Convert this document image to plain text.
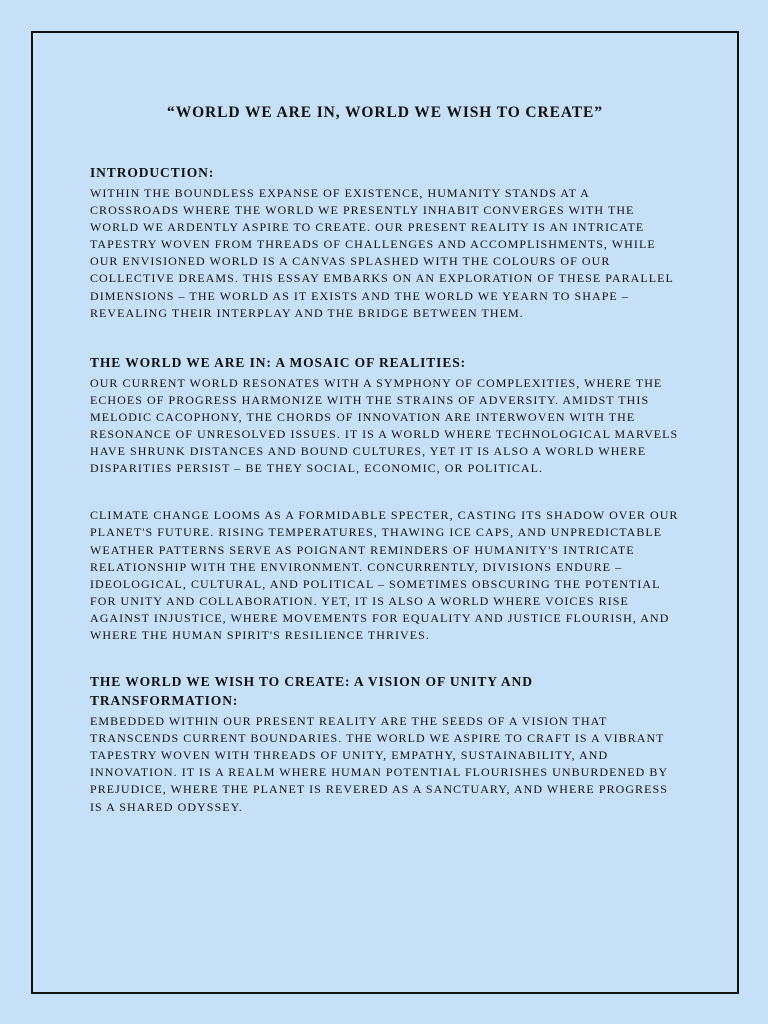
“WORLD WE ARE IN, WORLD WE WISH TO CREATE”
INTRODUCTION:

WITHIN THE BOUNDLESS EXPANSE OF EXISTENCE, HUMANITY STANDS AT A CROSSROADS WHERE THE WORLD WE PRESENTLY INHABIT CONVERGES WITH THE WORLD WE ARDENTLY ASPIRE TO CREATE. OUR PRESENT REALITY IS AN INTRICATE TAPESTRY WOVEN FROM THREADS OF CHALLENGES AND ACCOMPLISHMENTS, WHILE OUR ENVISIONED WORLD IS A CANVAS SPLASHED WITH THE COLOURS OF OUR COLLECTIVE DREAMS. THIS ESSAY EMBARKS ON AN EXPLORATION OF THESE PARALLEL DIMENSIONS – THE WORLD AS IT EXISTS AND THE WORLD WE YEARN TO SHAPE – REVEALING THEIR INTERPLAY AND THE BRIDGE BETWEEN THEM.

THE WORLD WE ARE IN: A MOSAIC OF REALITIES:

OUR CURRENT WORLD RESONATES WITH A SYMPHONY OF COMPLEXITIES, WHERE THE ECHOES OF PROGRESS HARMONIZE WITH THE STRAINS OF ADVERSITY. AMIDST THIS MELODIC CACOPHONY, THE CHORDS OF INNOVATION ARE INTERWOVEN WITH THE RESONANCE OF UNRESOLVED ISSUES. IT IS A WORLD WHERE TECHNOLOGICAL MARVELS HAVE SHRUNK DISTANCES AND BOUND CULTURES, YET IT IS ALSO A WORLD WHERE DISPARITIES PERSIST – BE THEY SOCIAL, ECONOMIC, OR POLITICAL.

CLIMATE CHANGE LOOMS AS A FORMIDABLE SPECTER, CASTING ITS SHADOW OVER OUR PLANET'S FUTURE. RISING TEMPERATURES, THAWING ICE CAPS, AND UNPREDICTABLE WEATHER PATTERNS SERVE AS POIGNANT REMINDERS OF HUMANITY'S INTRICATE RELATIONSHIP WITH THE ENVIRONMENT. CONCURRENTLY, DIVISIONS ENDURE – IDEOLOGICAL, CULTURAL, AND POLITICAL – SOMETIMES OBSCURING THE POTENTIAL FOR UNITY AND COLLABORATION. YET, IT IS ALSO A WORLD WHERE VOICES RISE AGAINST INJUSTICE, WHERE MOVEMENTS FOR EQUALITY AND JUSTICE FLOURISH, AND WHERE THE HUMAN SPIRIT'S RESILIENCE THRIVES.

THE WORLD WE WISH TO CREATE: A VISION OF UNITY AND TRANSFORMATION:

EMBEDDED WITHIN OUR PRESENT REALITY ARE THE SEEDS OF A VISION THAT TRANSCENDS CURRENT BOUNDARIES. THE WORLD WE ASPIRE TO CRAFT IS A VIBRANT TAPESTRY WOVEN WITH THREADS OF UNITY, EMPATHY, SUSTAINABILITY, AND INNOVATION. IT IS A REALM WHERE HUMAN POTENTIAL FLOURISHES UNBURDENED BY PREJUDICE, WHERE THE PLANET IS REVERED AS A SANCTUARY, AND WHERE PROGRESS IS A SHARED ODYSSEY.
